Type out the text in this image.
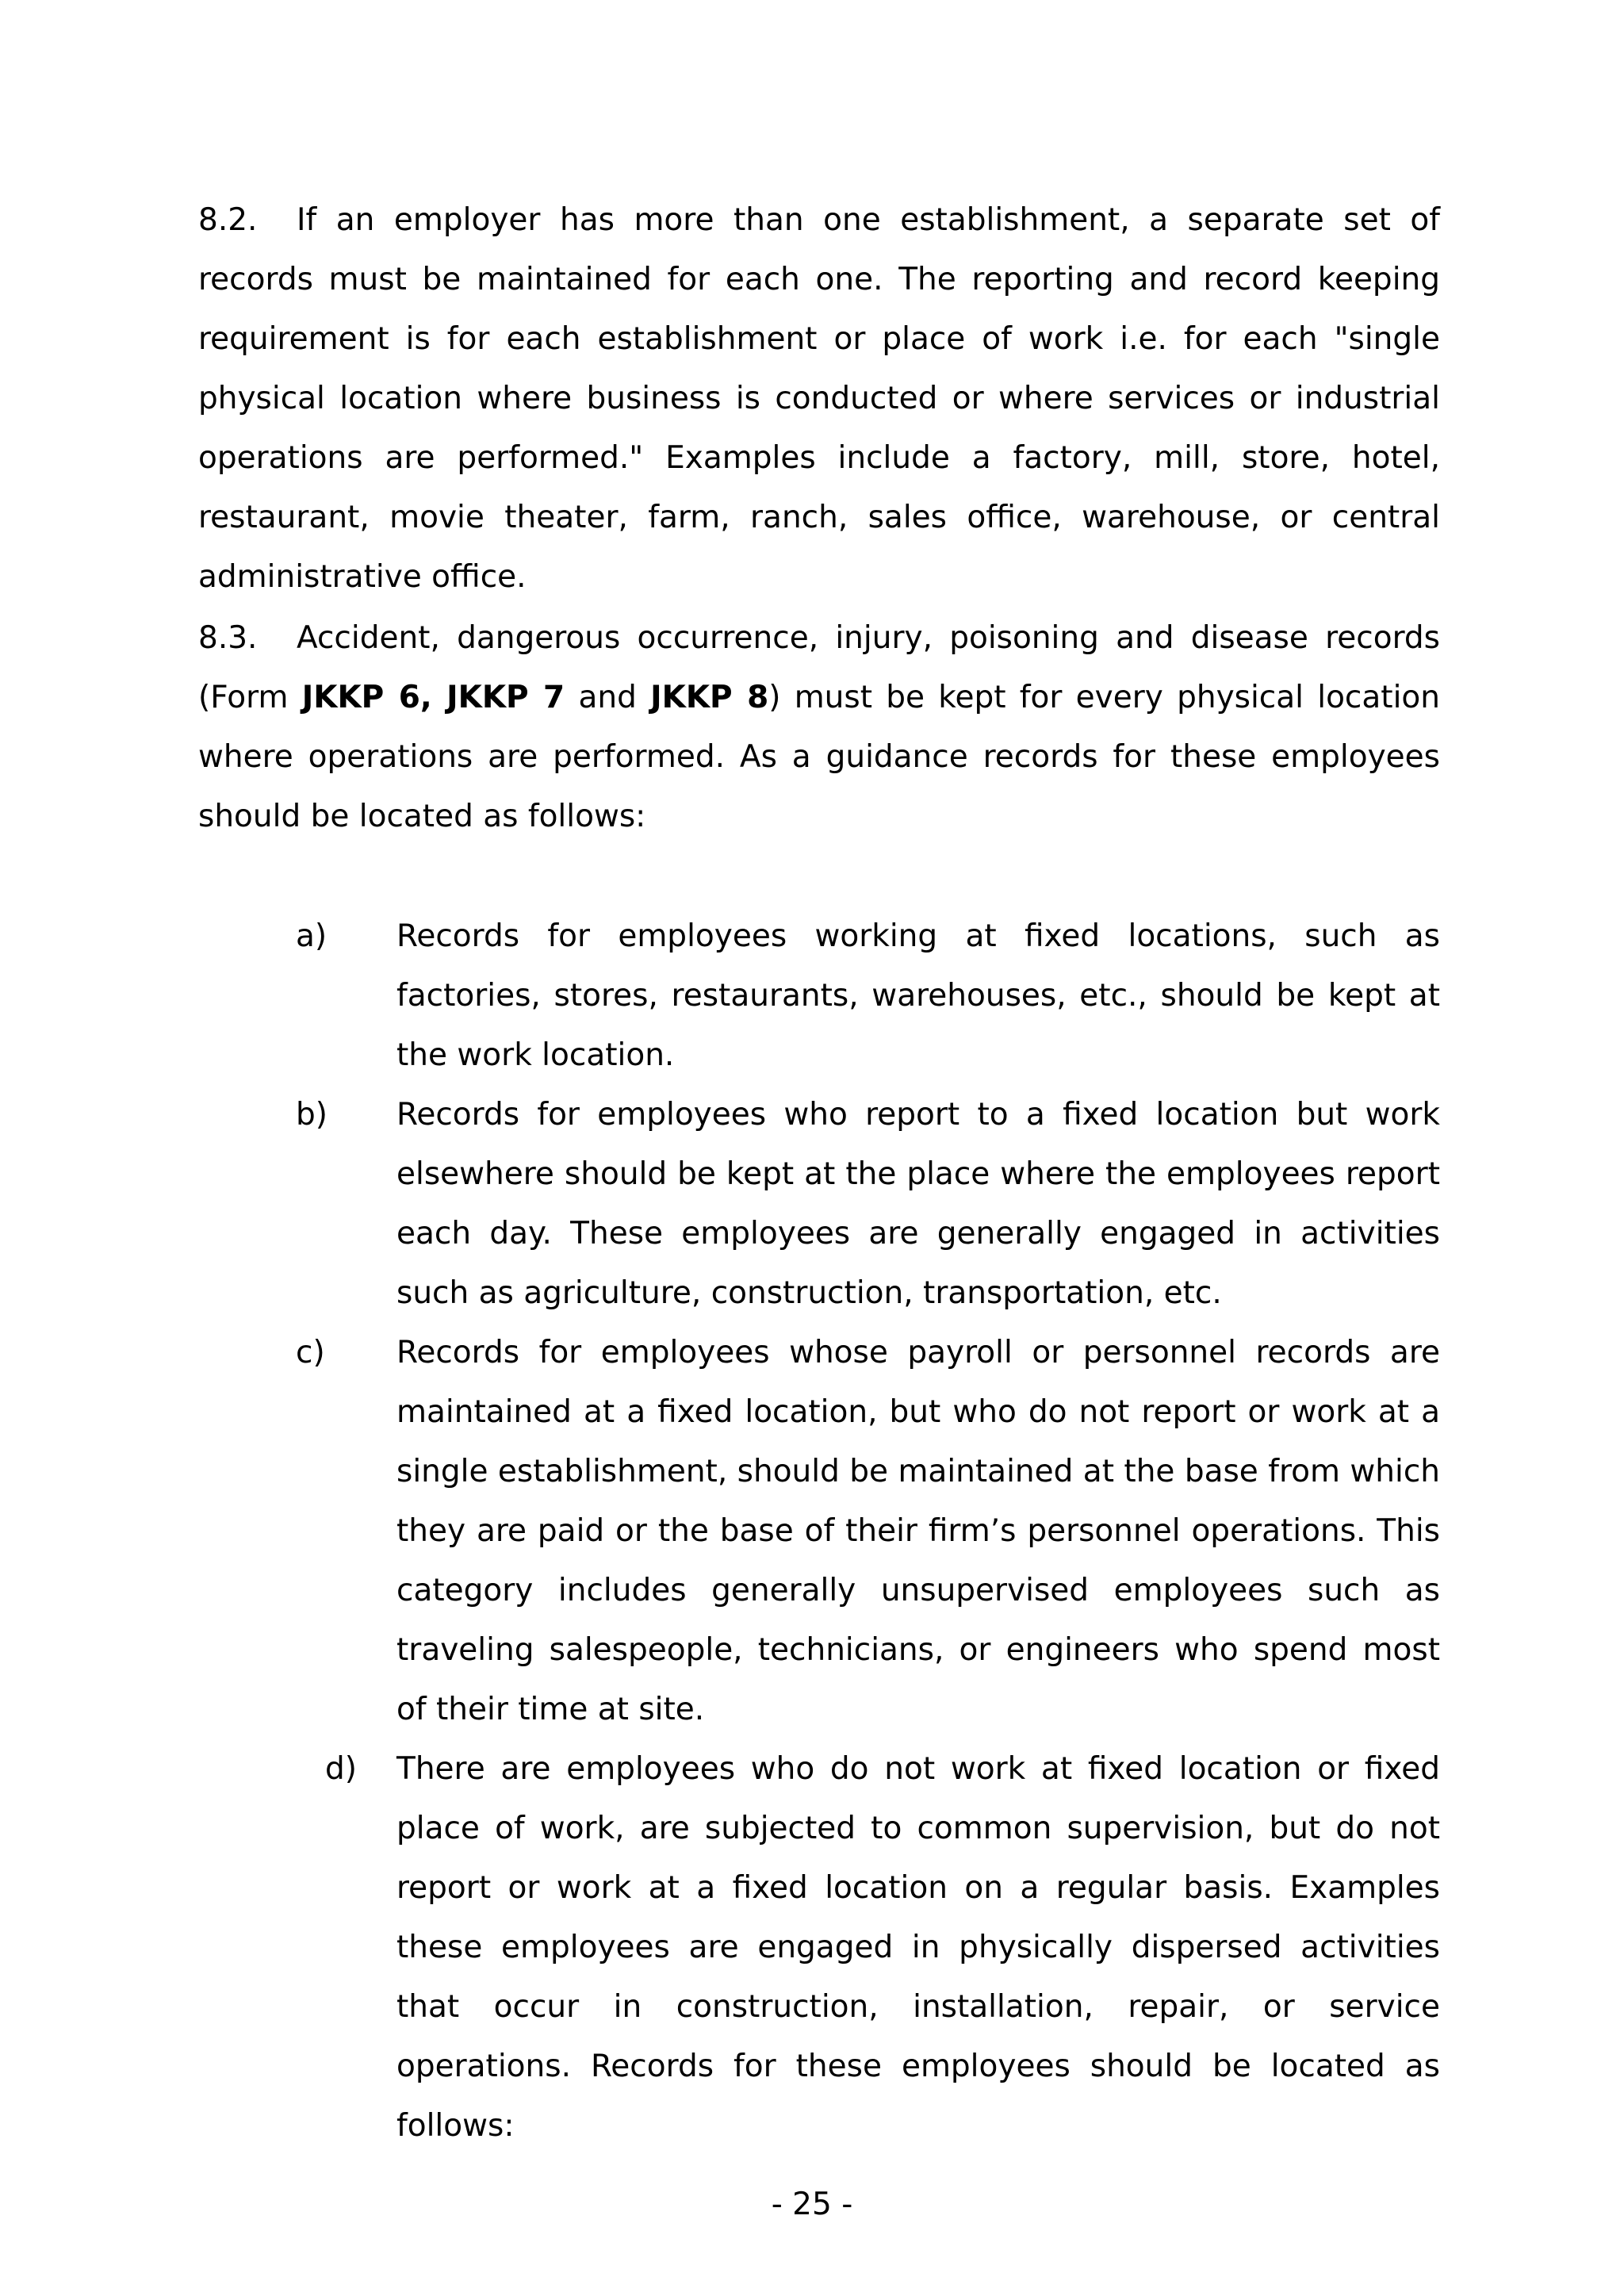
8.2. If an employer has more than one establishment, a separate set of records must be maintained for each one. The reporting and record keeping requirement is for each establishment or place of work i.e. for each "single physical location where business is conducted or where services or industrial operations are performed." Examples include a factory, mill, store, hotel, restaurant, movie theater, farm, ranch, sales office, warehouse, or central administrative office.

8.3. Accident, dangerous occurrence, injury, poisoning and disease records (Form JKKP 6, JKKP 7 and JKKP 8) must be kept for every physical location where operations are performed. As a guidance records for these employees should be located as follows:

a) Records for employees working at fixed locations, such as factories, stores, restaurants, warehouses, etc., should be kept at the work location.
b) Records for employees who report to a fixed location but work elsewhere should be kept at the place where the employees report each day. These employees are generally engaged in activities such as agriculture, construction, transportation, etc.
c) Records for employees whose payroll or personnel records are maintained at a fixed location, but who do not report or work at a single establishment, should be maintained at the base from which they are paid or the base of their firm’s personnel operations. This category includes generally unsupervised employees such as traveling salespeople, technicians, or engineers who spend most of their time at site.
d) There are employees who do not work at fixed location or fixed place of work, are subjected to common supervision, but do not report or work at a fixed location on a regular basis. Examples these employees are engaged in physically dispersed activities that occur in construction, installation, repair, or service operations. Records for these employees should be located as follows:

- 25 -
